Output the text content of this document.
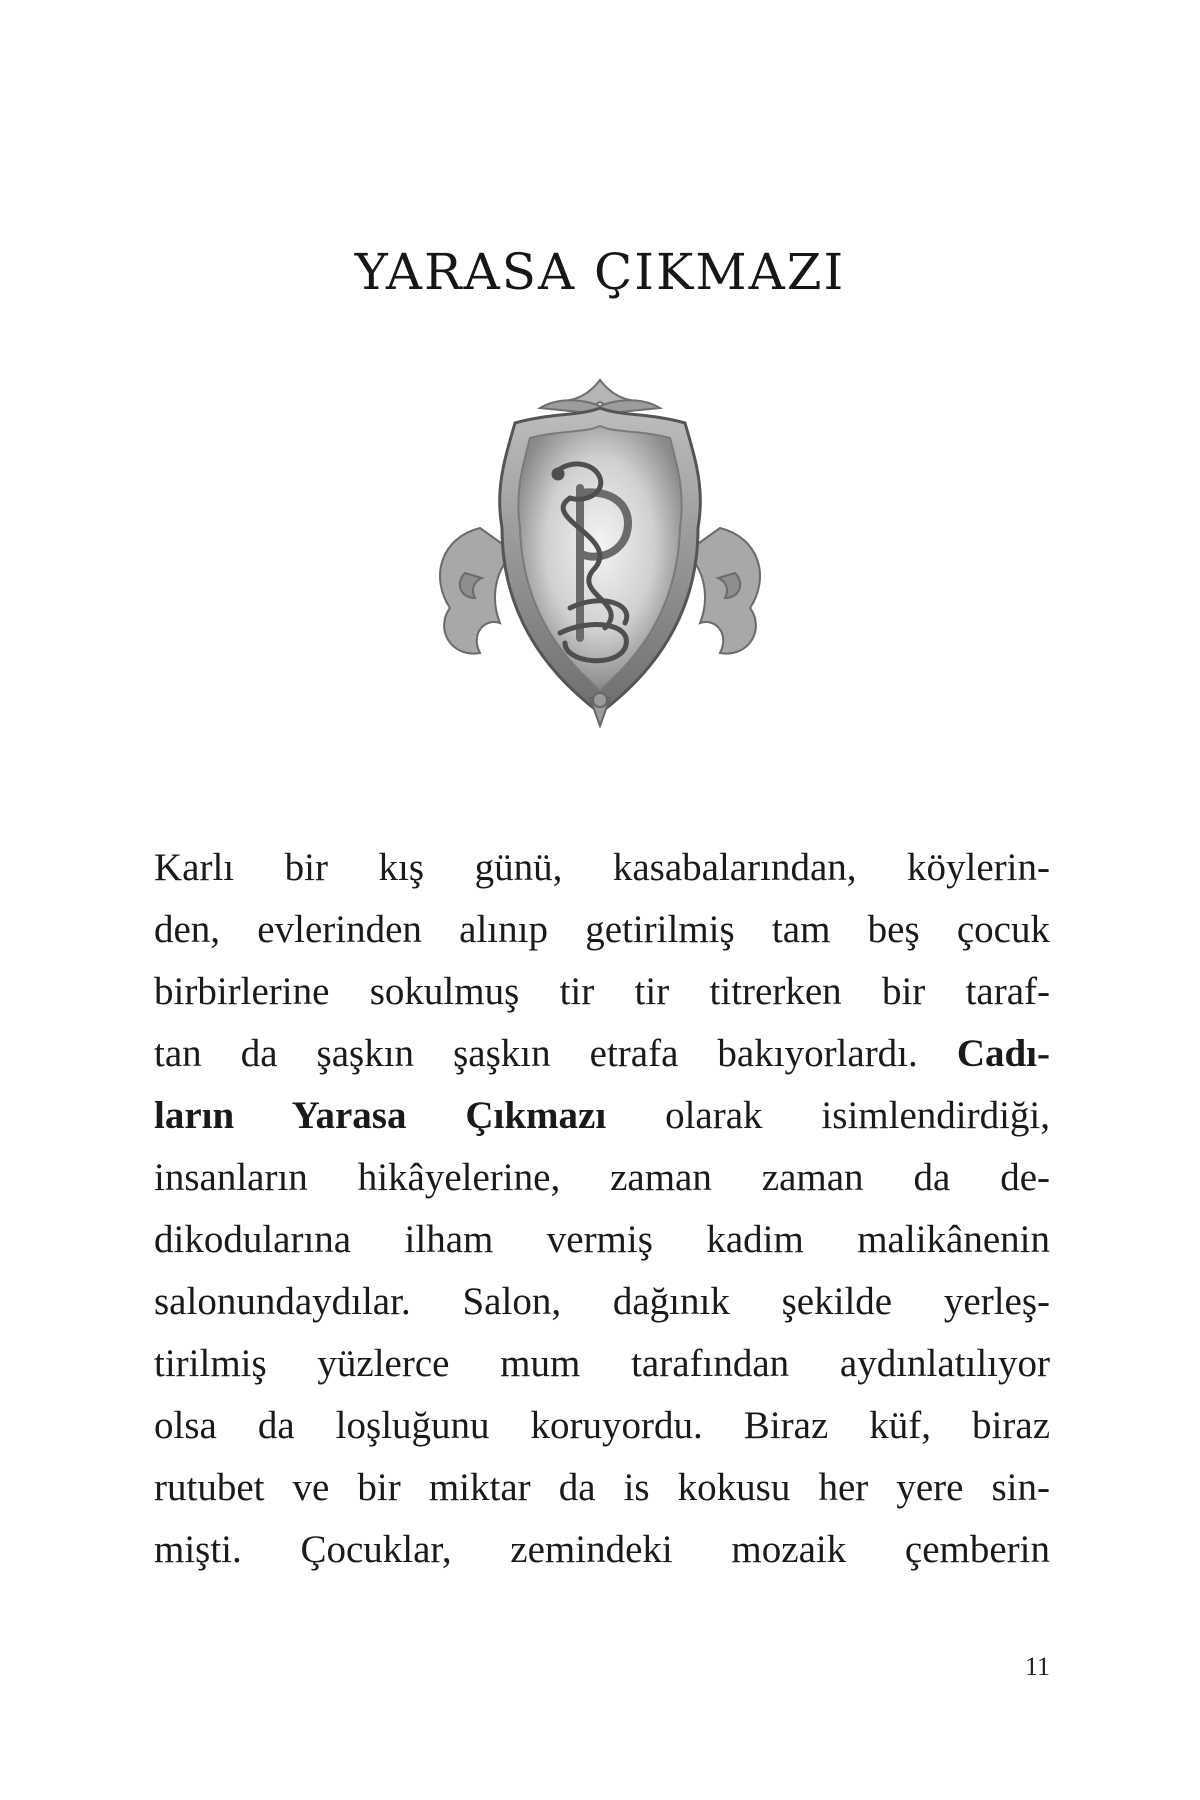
YARASA ÇIKMAZI
Karlı bir kış günü, kasabalarından, köylerin-
den, evlerinden alınıp getirilmiş tam beş çocuk
birbirlerine sokulmuş tir tir titrerken bir taraf-
tan da şaşkın şaşkın etrafa bakıyorlardı. Cadı-
ların Yarasa Çıkmazı olarak isimlendirdiği,
insanların hikâyelerine, zaman zaman da de-
dikodularına ilham vermiş kadim malikânenin
salonundaydılar. Salon, dağınık şekilde yerleş-
tirilmiş yüzlerce mum tarafından aydınlatılıyor
olsa da loşluğunu koruyordu. Biraz küf, biraz
rutubet ve bir miktar da is kokusu her yere sin-
mişti. Çocuklar, zemindeki mozaik çemberin
11
